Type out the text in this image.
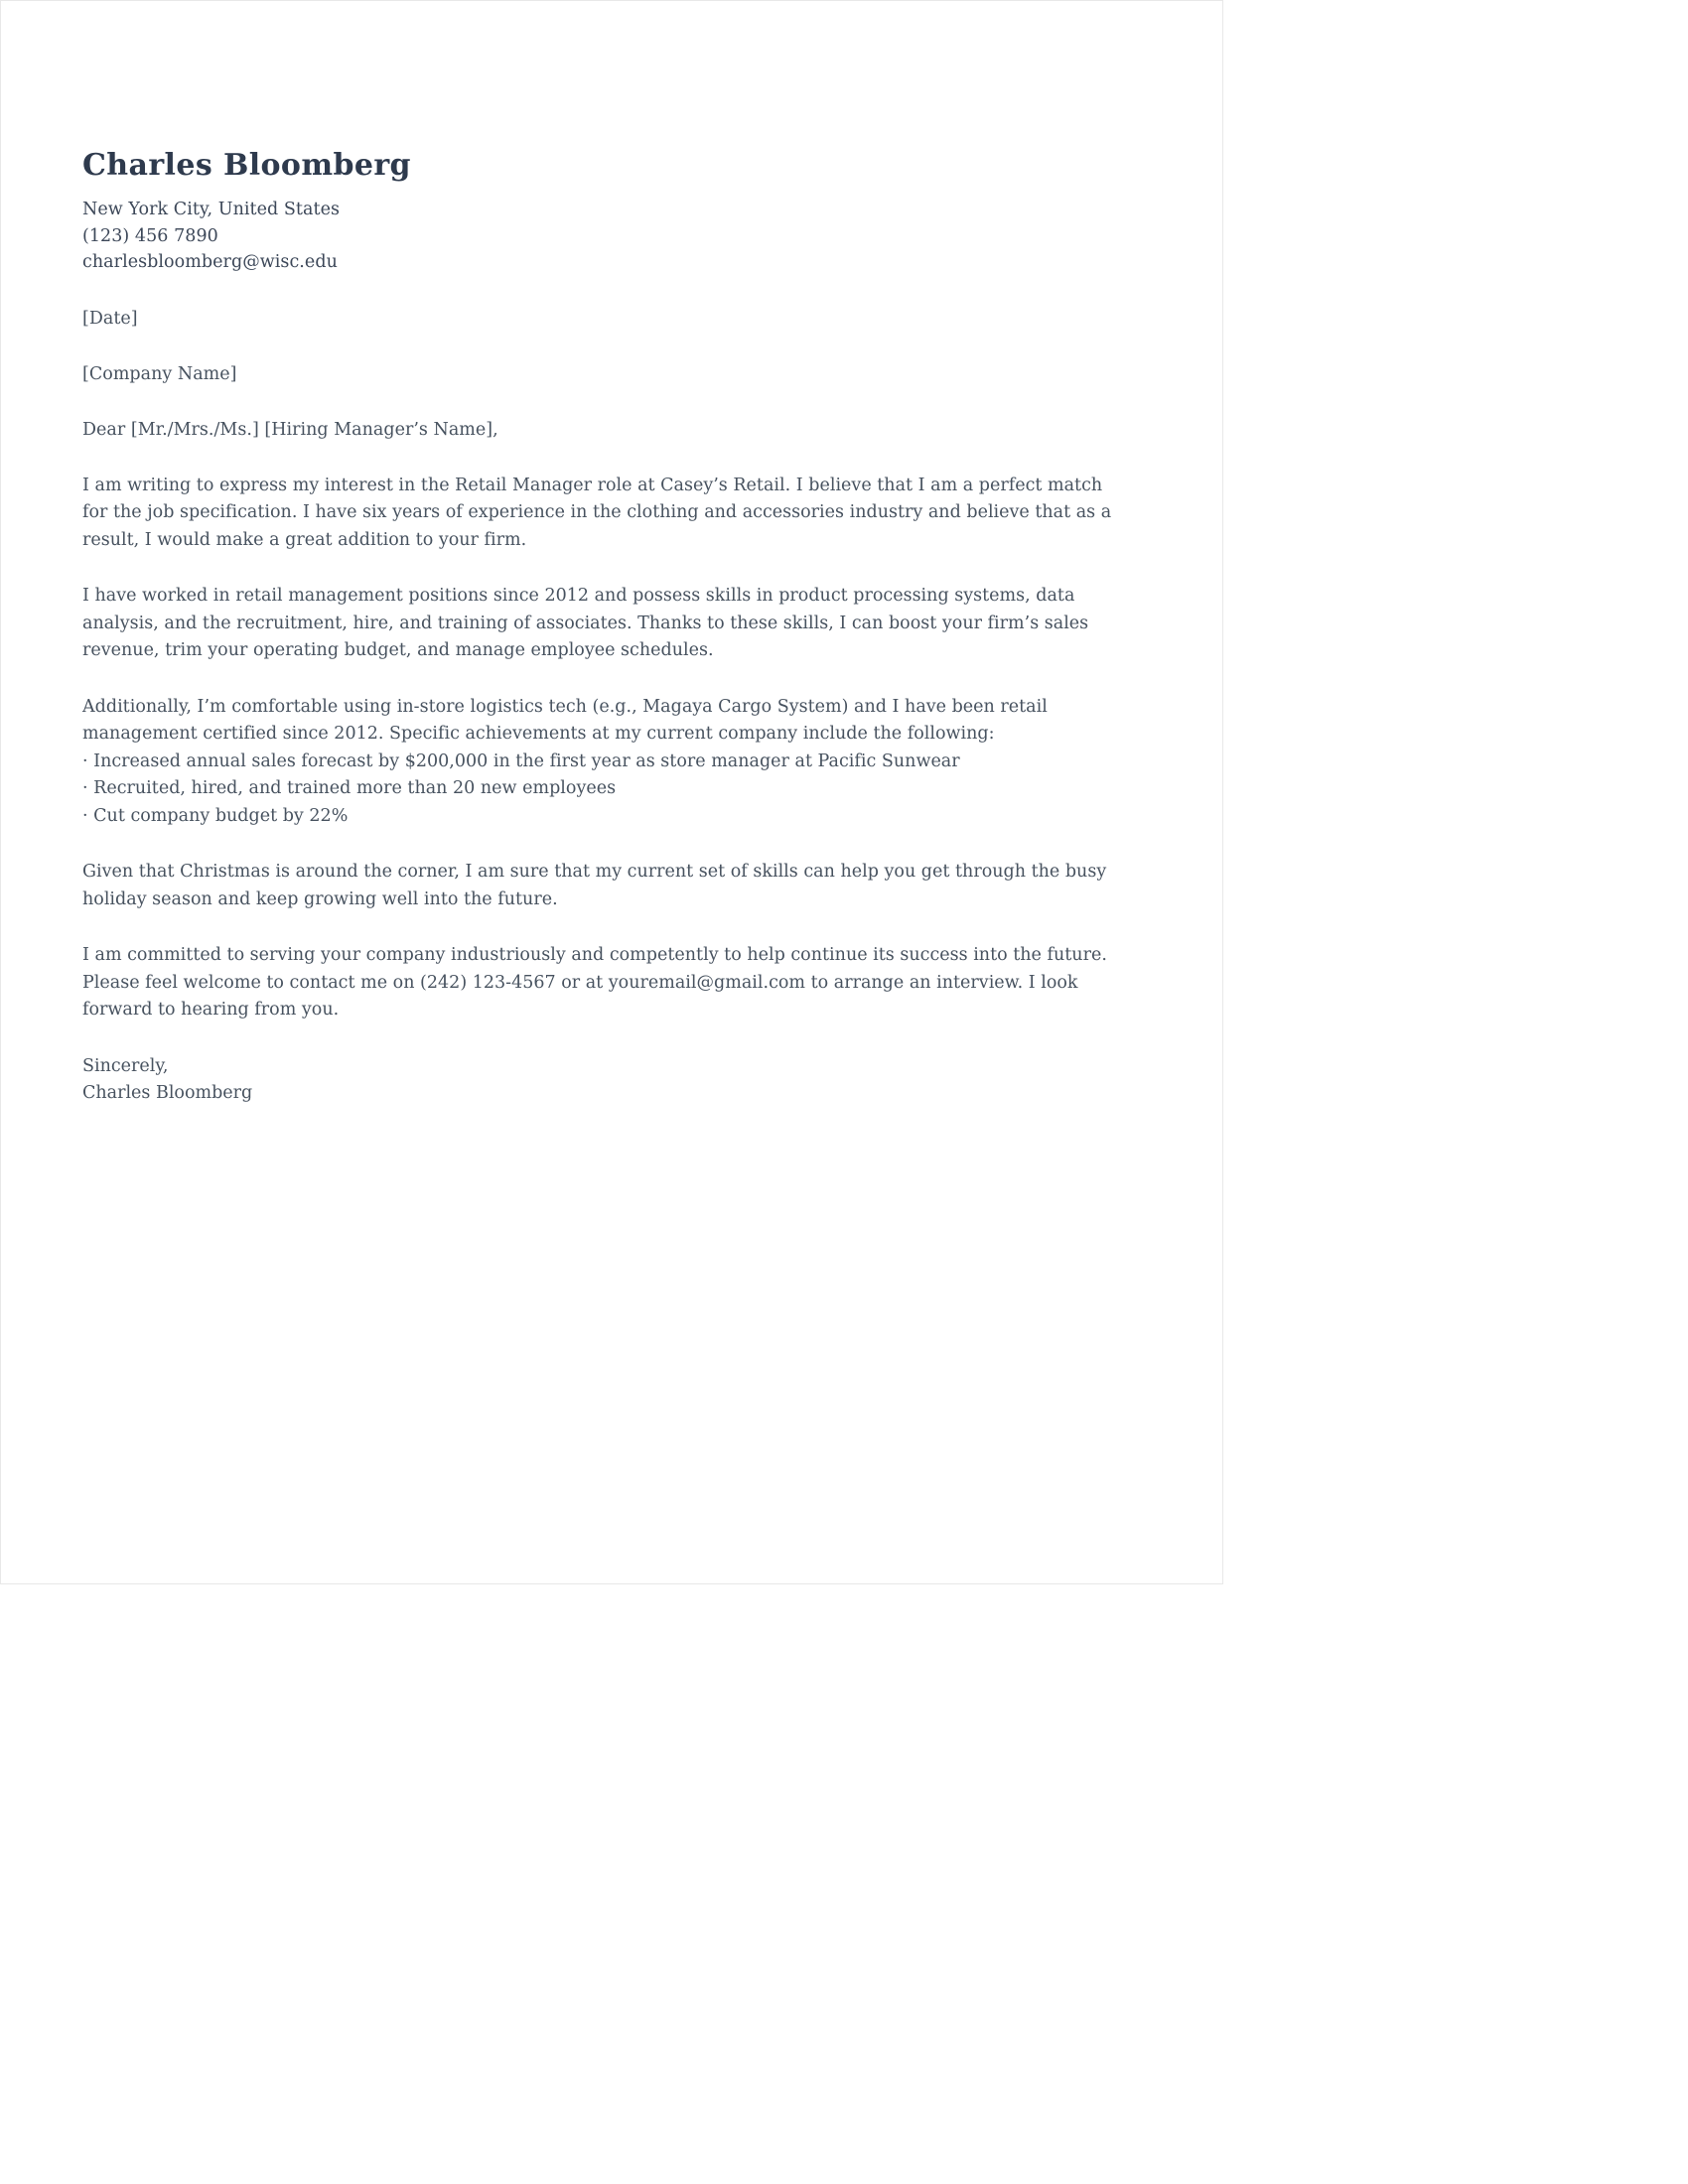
Charles Bloomberg
New York City, United States
(123) 456 7890
charlesbloomberg@wisc.edu
[Date]
[Company Name]
Dear [Mr./Mrs./Ms.] [Hiring Manager’s Name],

I am writing to express my interest in the Retail Manager role at Casey’s Retail. I believe that I am a perfect match for the job specification. I have six years of experience in the clothing and accessories industry and believe that as a result, I would make a great addition to your firm.

I have worked in retail management positions since 2012 and possess skills in product processing systems, data analysis, and the recruitment, hire, and training of associates. Thanks to these skills, I can boost your firm’s sales revenue, trim your operating budget, and manage employee schedules.

Additionally, I’m comfortable using in-store logistics tech (e.g., Magaya Cargo System) and I have been retail management certified since 2012. Specific achievements at my current company include the following:

· Increased annual sales forecast by $200,000 in the first year as store manager at Pacific Sunwear
· Recruited, hired, and trained more than 20 new employees
· Cut company budget by 22%

Given that Christmas is around the corner, I am sure that my current set of skills can help you get through the busy holiday season and keep growing well into the future.

I am committed to serving your company industriously and competently to help continue its success into the future. Please feel welcome to contact me on (242) 123-4567 or at youremail@gmail.com to arrange an interview. I look forward to hearing from you.

Sincerely,
Charles Bloomberg
